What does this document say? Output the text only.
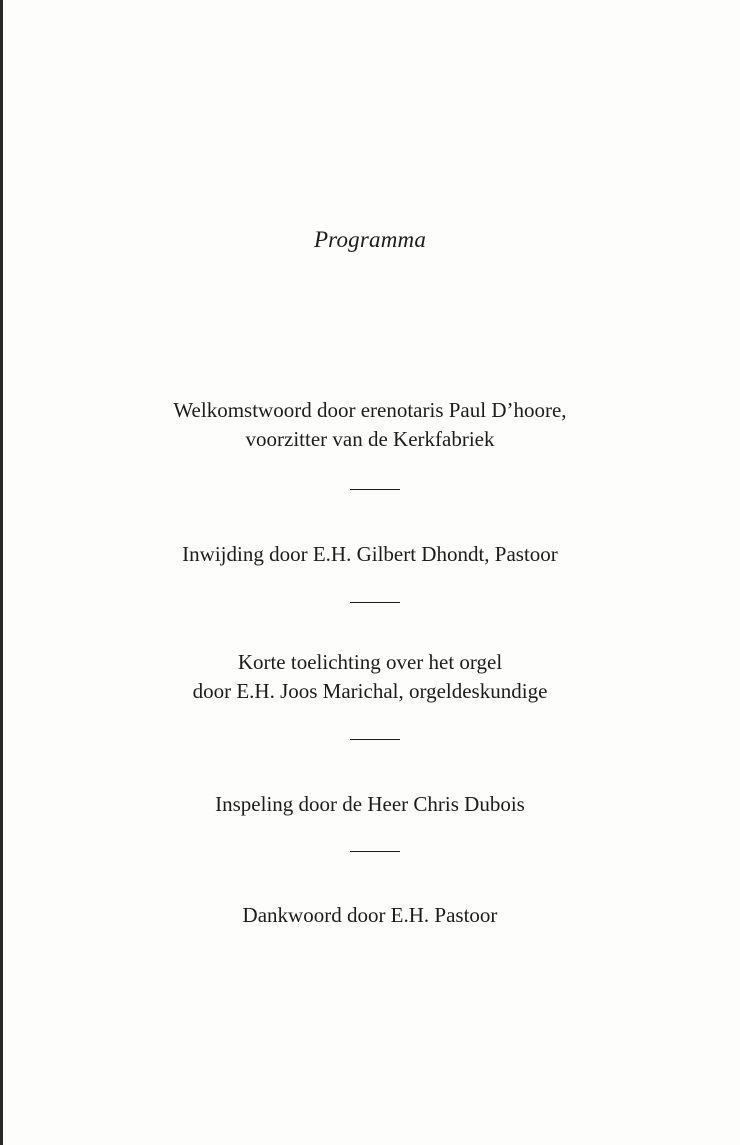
Programma
Welkomstwoord door erenotaris Paul D’hoore,
voorzitter van de Kerkfabriek
Inwijding door E.H. Gilbert Dhondt, Pastoor
Korte toelichting over het orgel
door E.H. Joos Marichal, orgeldeskundige
Inspeling door de Heer Chris Dubois
Dankwoord door E.H. Pastoor
